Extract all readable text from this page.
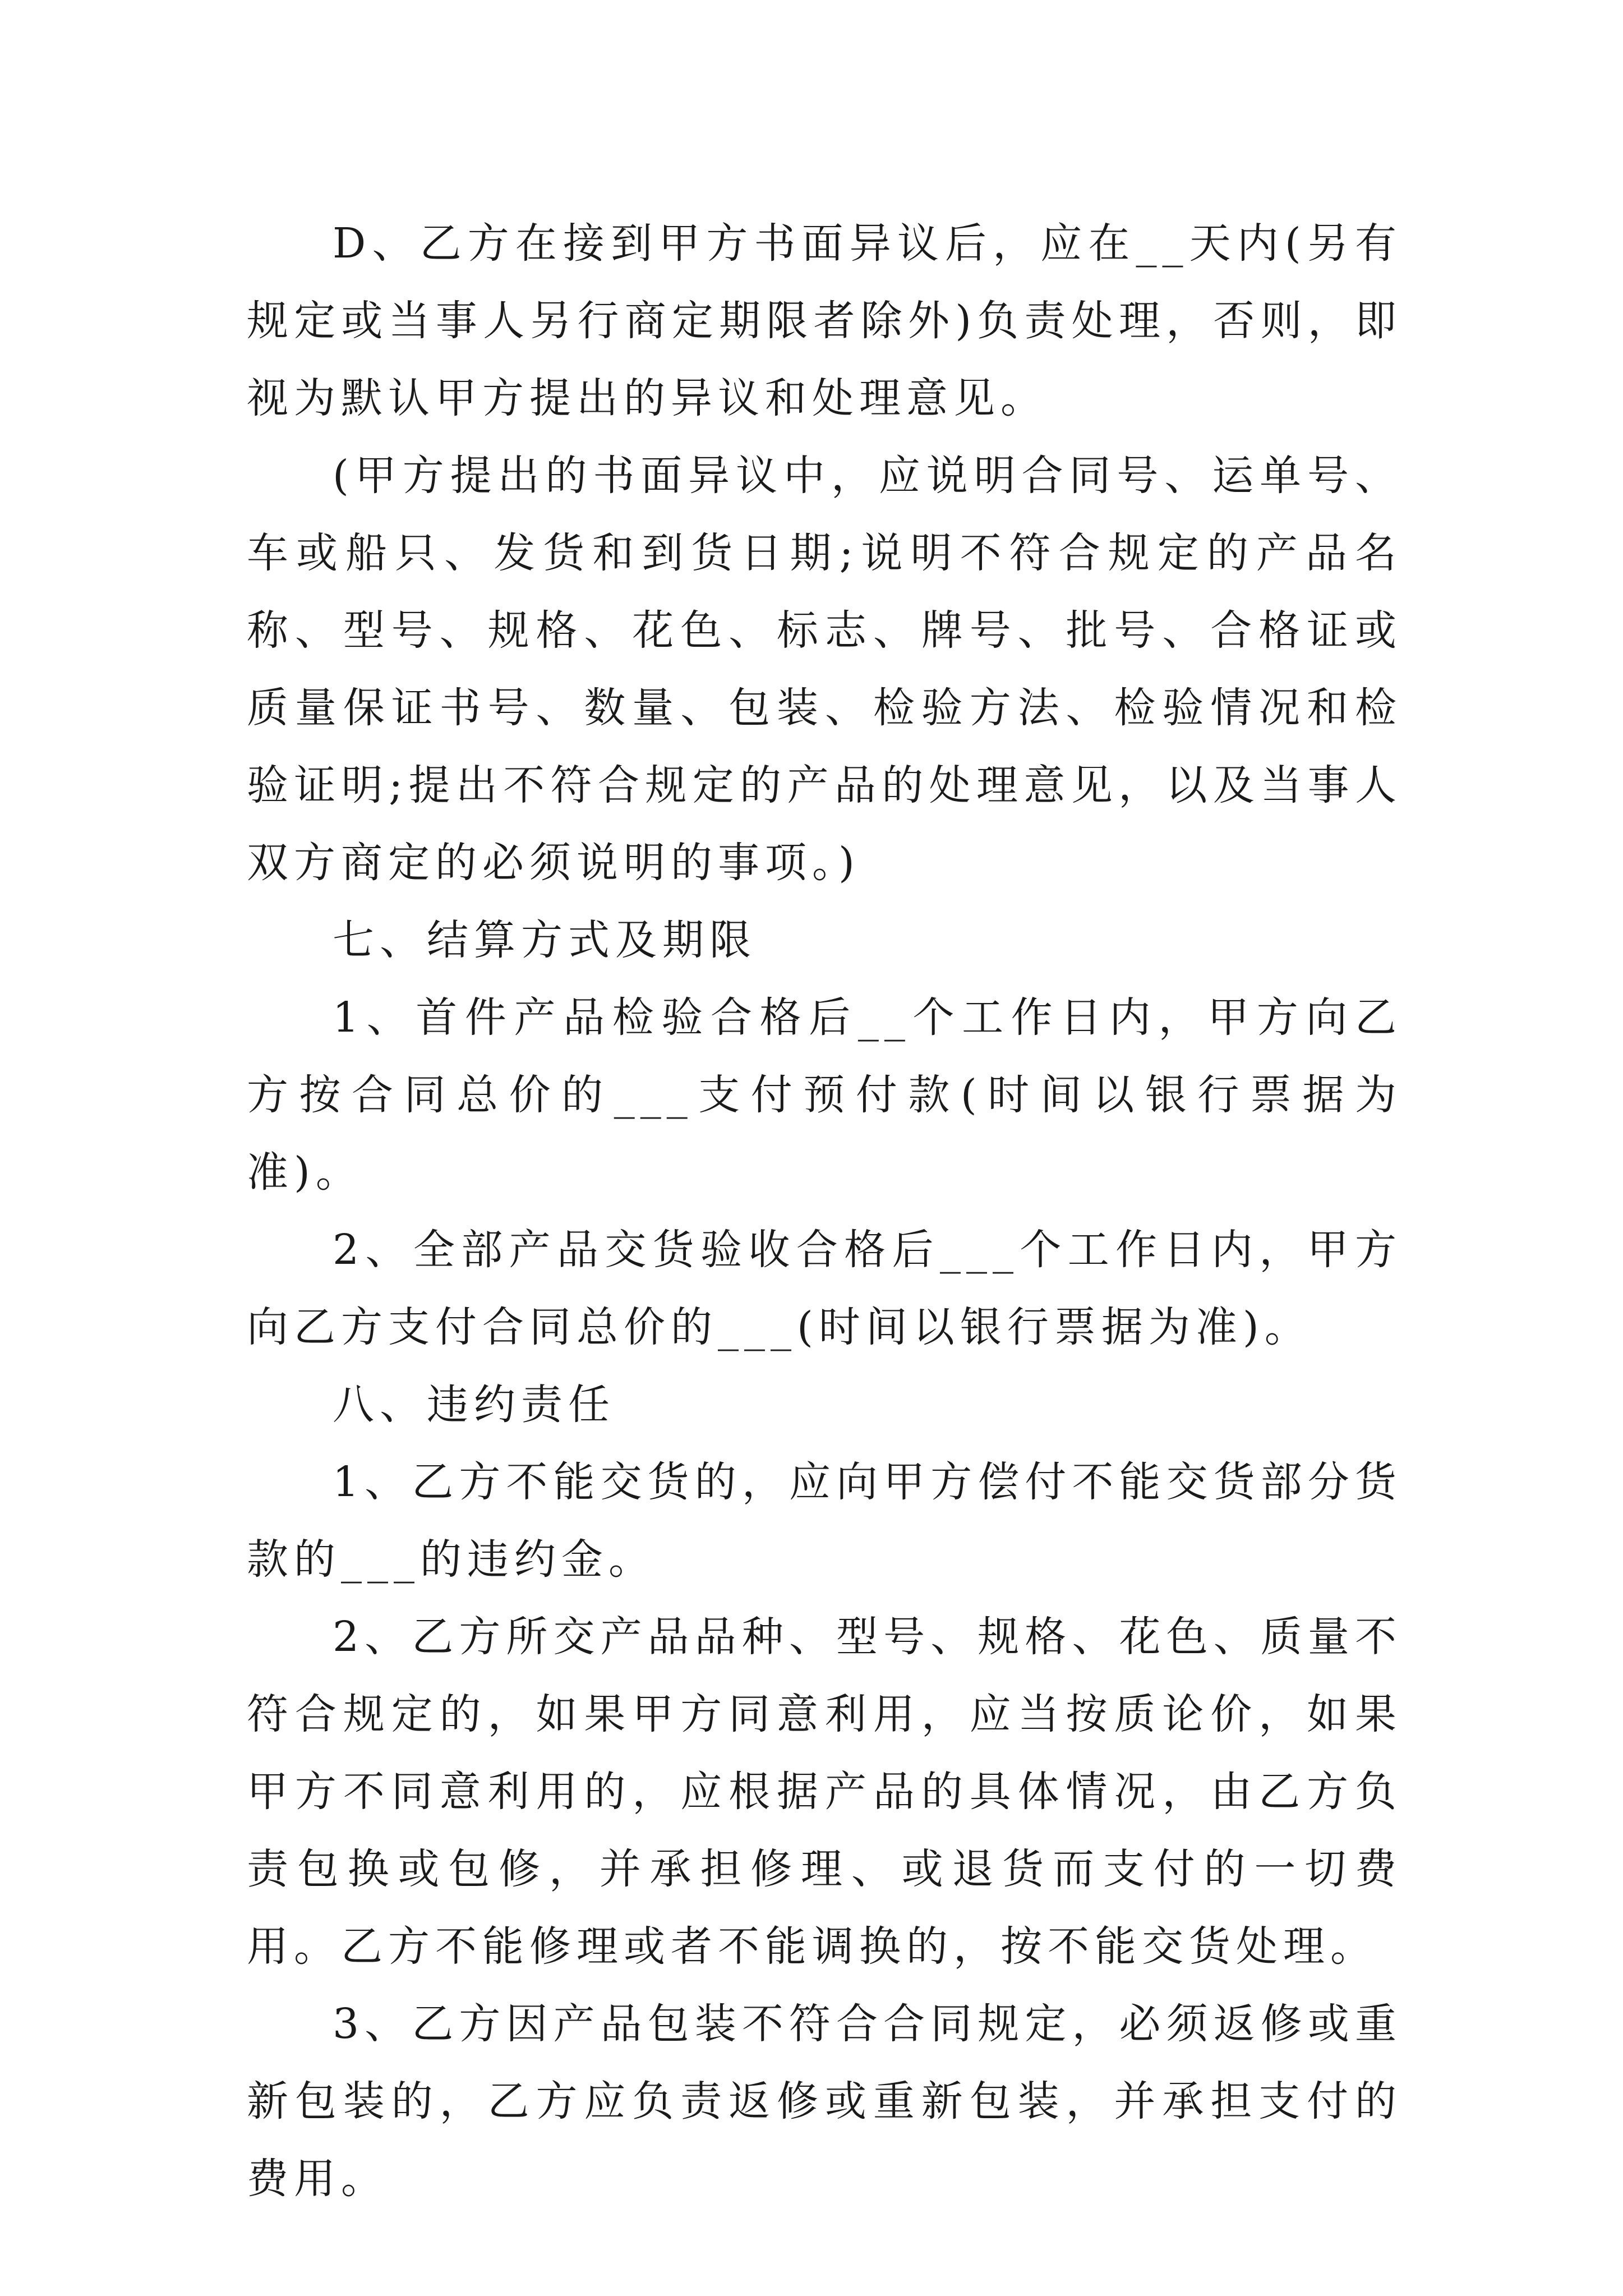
D、乙方在接到甲方书面异议后，应在__天内(另有规定或当事人另行商定期限者除外)负责处理，否则，即视为默认甲方提出的异议和处理意见。

(甲方提出的书面异议中，应说明合同号、运单号、车或船只、发货和到货日期;说明不符合规定的产品名称、型号、规格、花色、标志、牌号、批号、合格证或质量保证书号、数量、包装、检验方法、检验情况和检验证明;提出不符合规定的产品的处理意见，以及当事人双方商定的必须说明的事项。)

七、结算方式及期限

1、首件产品检验合格后__个工作日内，甲方向乙方按合同总价的___支付预付款(时间以银行票据为准)。

2、全部产品交货验收合格后___个工作日内，甲方向乙方支付合同总价的___(时间以银行票据为准)。

八、违约责任

1、乙方不能交货的，应向甲方偿付不能交货部分货款的___的违约金。

2、乙方所交产品品种、型号、规格、花色、质量不符合规定的，如果甲方同意利用，应当按质论价，如果甲方不同意利用的，应根据产品的具体情况，由乙方负责包换或包修，并承担修理、或退货而支付的一切费用。乙方不能修理或者不能调换的，按不能交货处理。

3、乙方因产品包装不符合合同规定，必须返修或重新包装的，乙方应负责返修或重新包装，并承担支付的费用。
